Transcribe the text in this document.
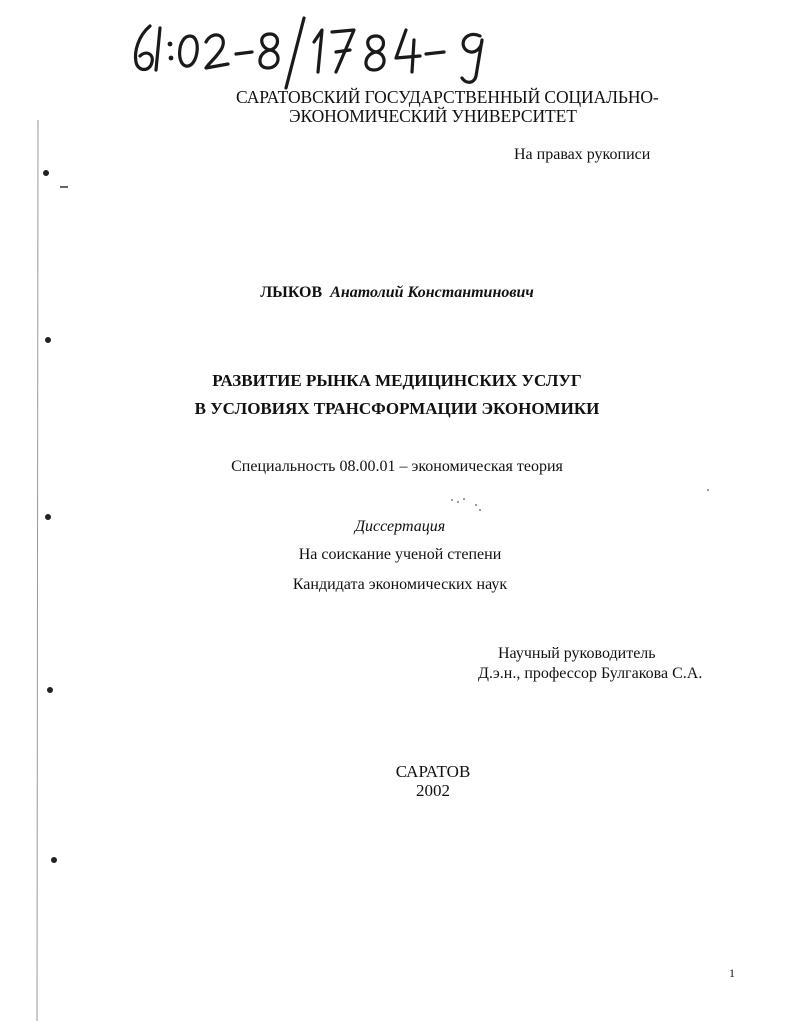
САРАТОВСКИЙ ГОСУДАРСТВЕННЫЙ СОЦИАЛЬНО-
ЭКОНОМИЧЕСКИЙ УНИВЕРСИТЕТ
На правах рукописи
ЛЫКОВ Анатолий Константинович
РАЗВИТИЕ РЫНКА МЕДИЦИНСКИХ УСЛУГ
В УСЛОВИЯХ ТРАНСФОРМАЦИИ ЭКОНОМИКИ
Специальность 08.00.01 – экономическая теория
Диссертация
На соискание ученой степени
Кандидата экономических наук
Научный руководитель
Д.э.н., профессор Булгакова С.А.
САРАТОВ
2002
1
